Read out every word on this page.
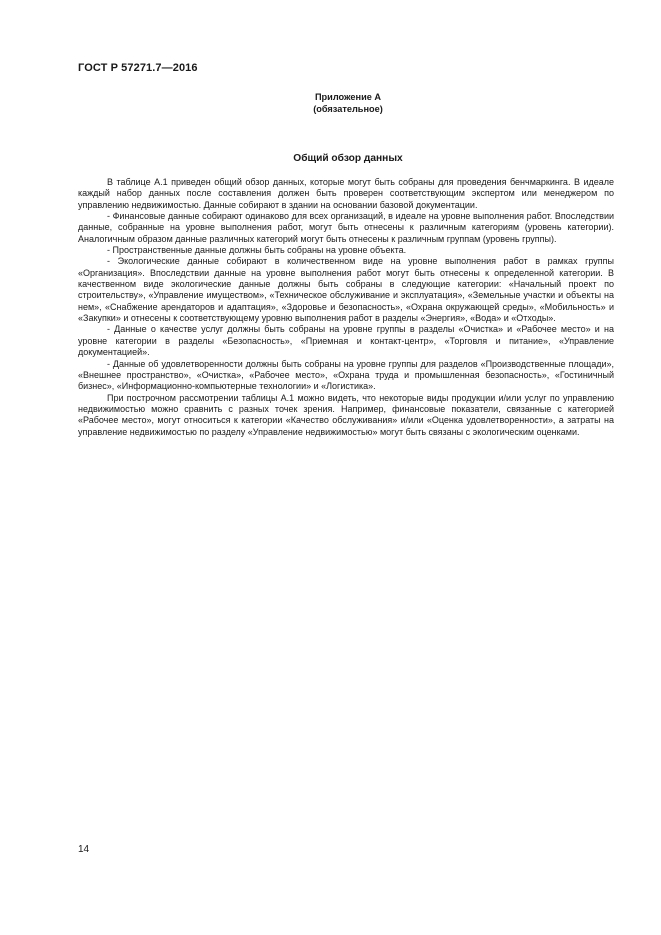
ГОСТ Р 57271.7—2016
Приложение А
(обязательное)
Общий обзор данных

В таблице А.1 приведен общий обзор данных, которые могут быть собраны для проведения бенчмаркинга. В идеале каждый набор данных после составления должен быть проверен соответствующим экспертом или менеджером по управлению недвижимостью. Данные собирают в здании на основании базовой документации.

- Финансовые данные собирают одинаково для всех организаций, в идеале на уровне выполнения работ. Впоследствии данные, собранные на уровне выполнения работ, могут быть отнесены к различным категориям (уровень категории). Аналогичным образом данные различных категорий могут быть отнесены к различным группам (уровень группы).

- Пространственные данные должны быть собраны на уровне объекта.

- Экологические данные собирают в количественном виде на уровне выполнения работ в рамках группы «Организация». Впоследствии данные на уровне выполнения работ могут быть отнесены к определенной категории. В качественном виде экологические данные должны быть собраны в следующие категории: «Начальный проект по строительству», «Управление имуществом», «Техническое обслуживание и эксплуатация», «Земельные участки и объекты на нем», «Снабжение арендаторов и адаптация», «Здоровье и безопасность», «Охрана окружающей среды», «Мобильность» и «Закупки» и отнесены к соответствующему уровню выполнения работ в разделы «Энергия», «Вода» и «Отходы».

- Данные о качестве услуг должны быть собраны на уровне группы в разделы «Очистка» и «Рабочее место» и на уровне категории в разделы «Безопасность», «Приемная и контакт-центр», «Торговля и питание», «Управление документацией».

- Данные об удовлетворенности должны быть собраны на уровне группы для разделов «Производственные площади», «Внешнее пространство», «Очистка», «Рабочее место», «Охрана труда и промышленная безопасность», «Гостиничный бизнес», «Информационно-компьютерные технологии» и «Логистика».

При построчном рассмотрении таблицы А.1 можно видеть, что некоторые виды продукции и/или услуг по управлению недвижимостью можно сравнить с разных точек зрения. Например, финансовые показатели, связанные с категорией «Рабочее место», могут относиться к категории «Качество обслуживания» и/или «Оценка удовлетворенности», а затраты на управление недвижимостью по разделу «Управление недвижимостью» могут быть связаны с экологическим оценками.

14
